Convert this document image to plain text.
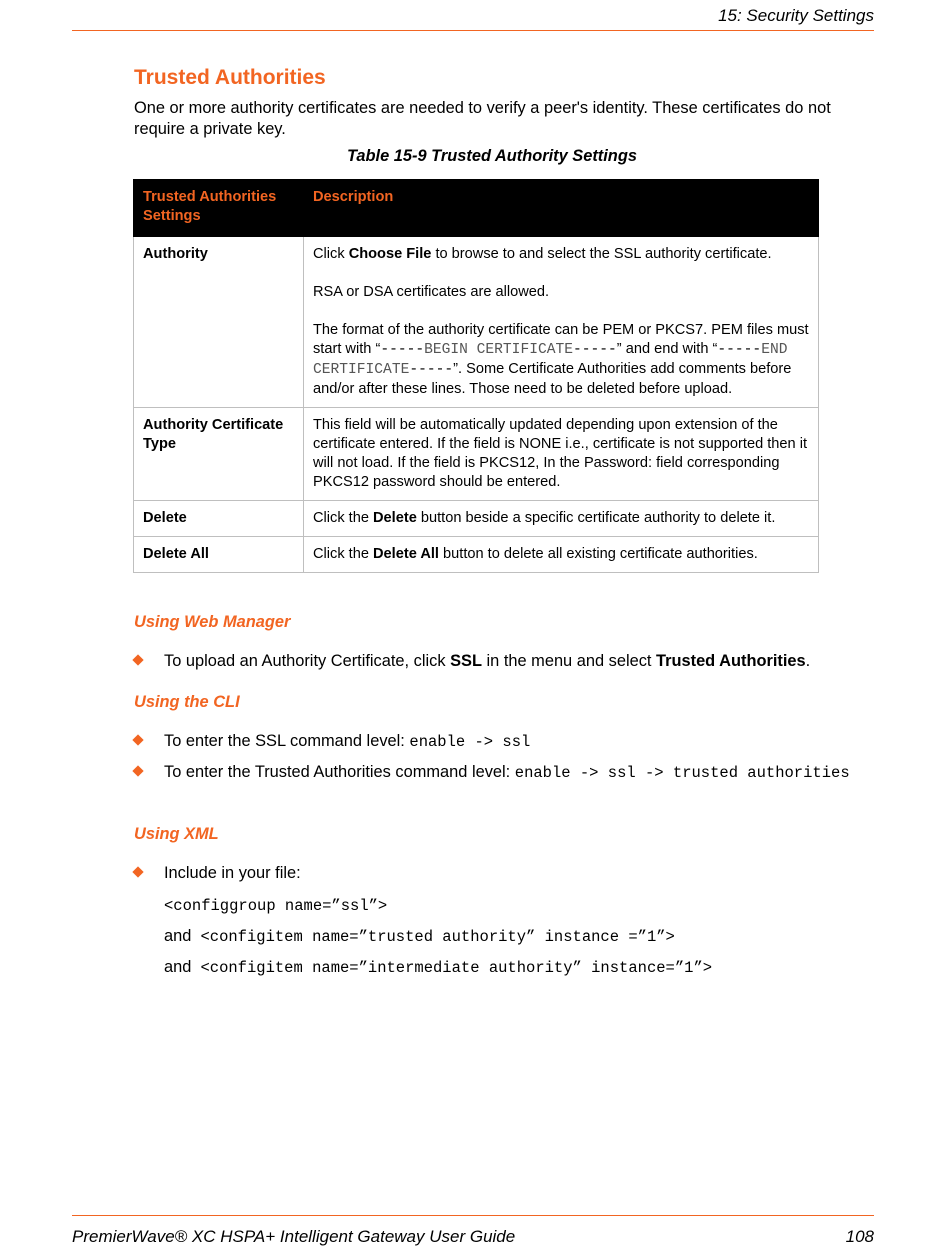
15: Security Settings
Trusted Authorities
One or more authority certificates are needed to verify a peer's identity. These certificates do not require a private key.
Table 15-9 Trusted Authority Settings
Trusted Authorities Settings	Description
Authority	Click Choose File to browse to and select the SSL authority certificate.

RSA or DSA certificates are allowed.

The format of the authority certificate can be PEM or PKCS7. PEM files must start with “-----BEGIN CERTIFICATE-----” and end with “-----END CERTIFICATE-----”. Some Certificate Authorities add comments before and/or after these lines. Those need to be deleted before upload.

Authority Certificate Type	This field will be automatically updated depending upon extension of the certificate entered. If the field is NONE i.e., certificate is not supported then it will not load. If the field is PKCS12, In the Password: field corresponding PKCS12 password should be entered.
Delete	Click the Delete button beside a specific certificate authority to delete it.
Delete All	Click the Delete All button to delete all existing certificate authorities.
Using Web Manager
To upload an Authority Certificate, click SSL in the menu and select Trusted Authorities.
Using the CLI
To enter the SSL command level: enable -> ssl
To enter the Trusted Authorities command level: enable -> ssl -> trusted authorities
Using XML
Include in your file:
<configgroup name=”ssl”>
and <configitem name=”trusted authority” instance =”1”>
and <configitem name=”intermediate authority” instance=”1”>
PremierWave® XC HSPA+ Intelligent Gateway User Guide	108
